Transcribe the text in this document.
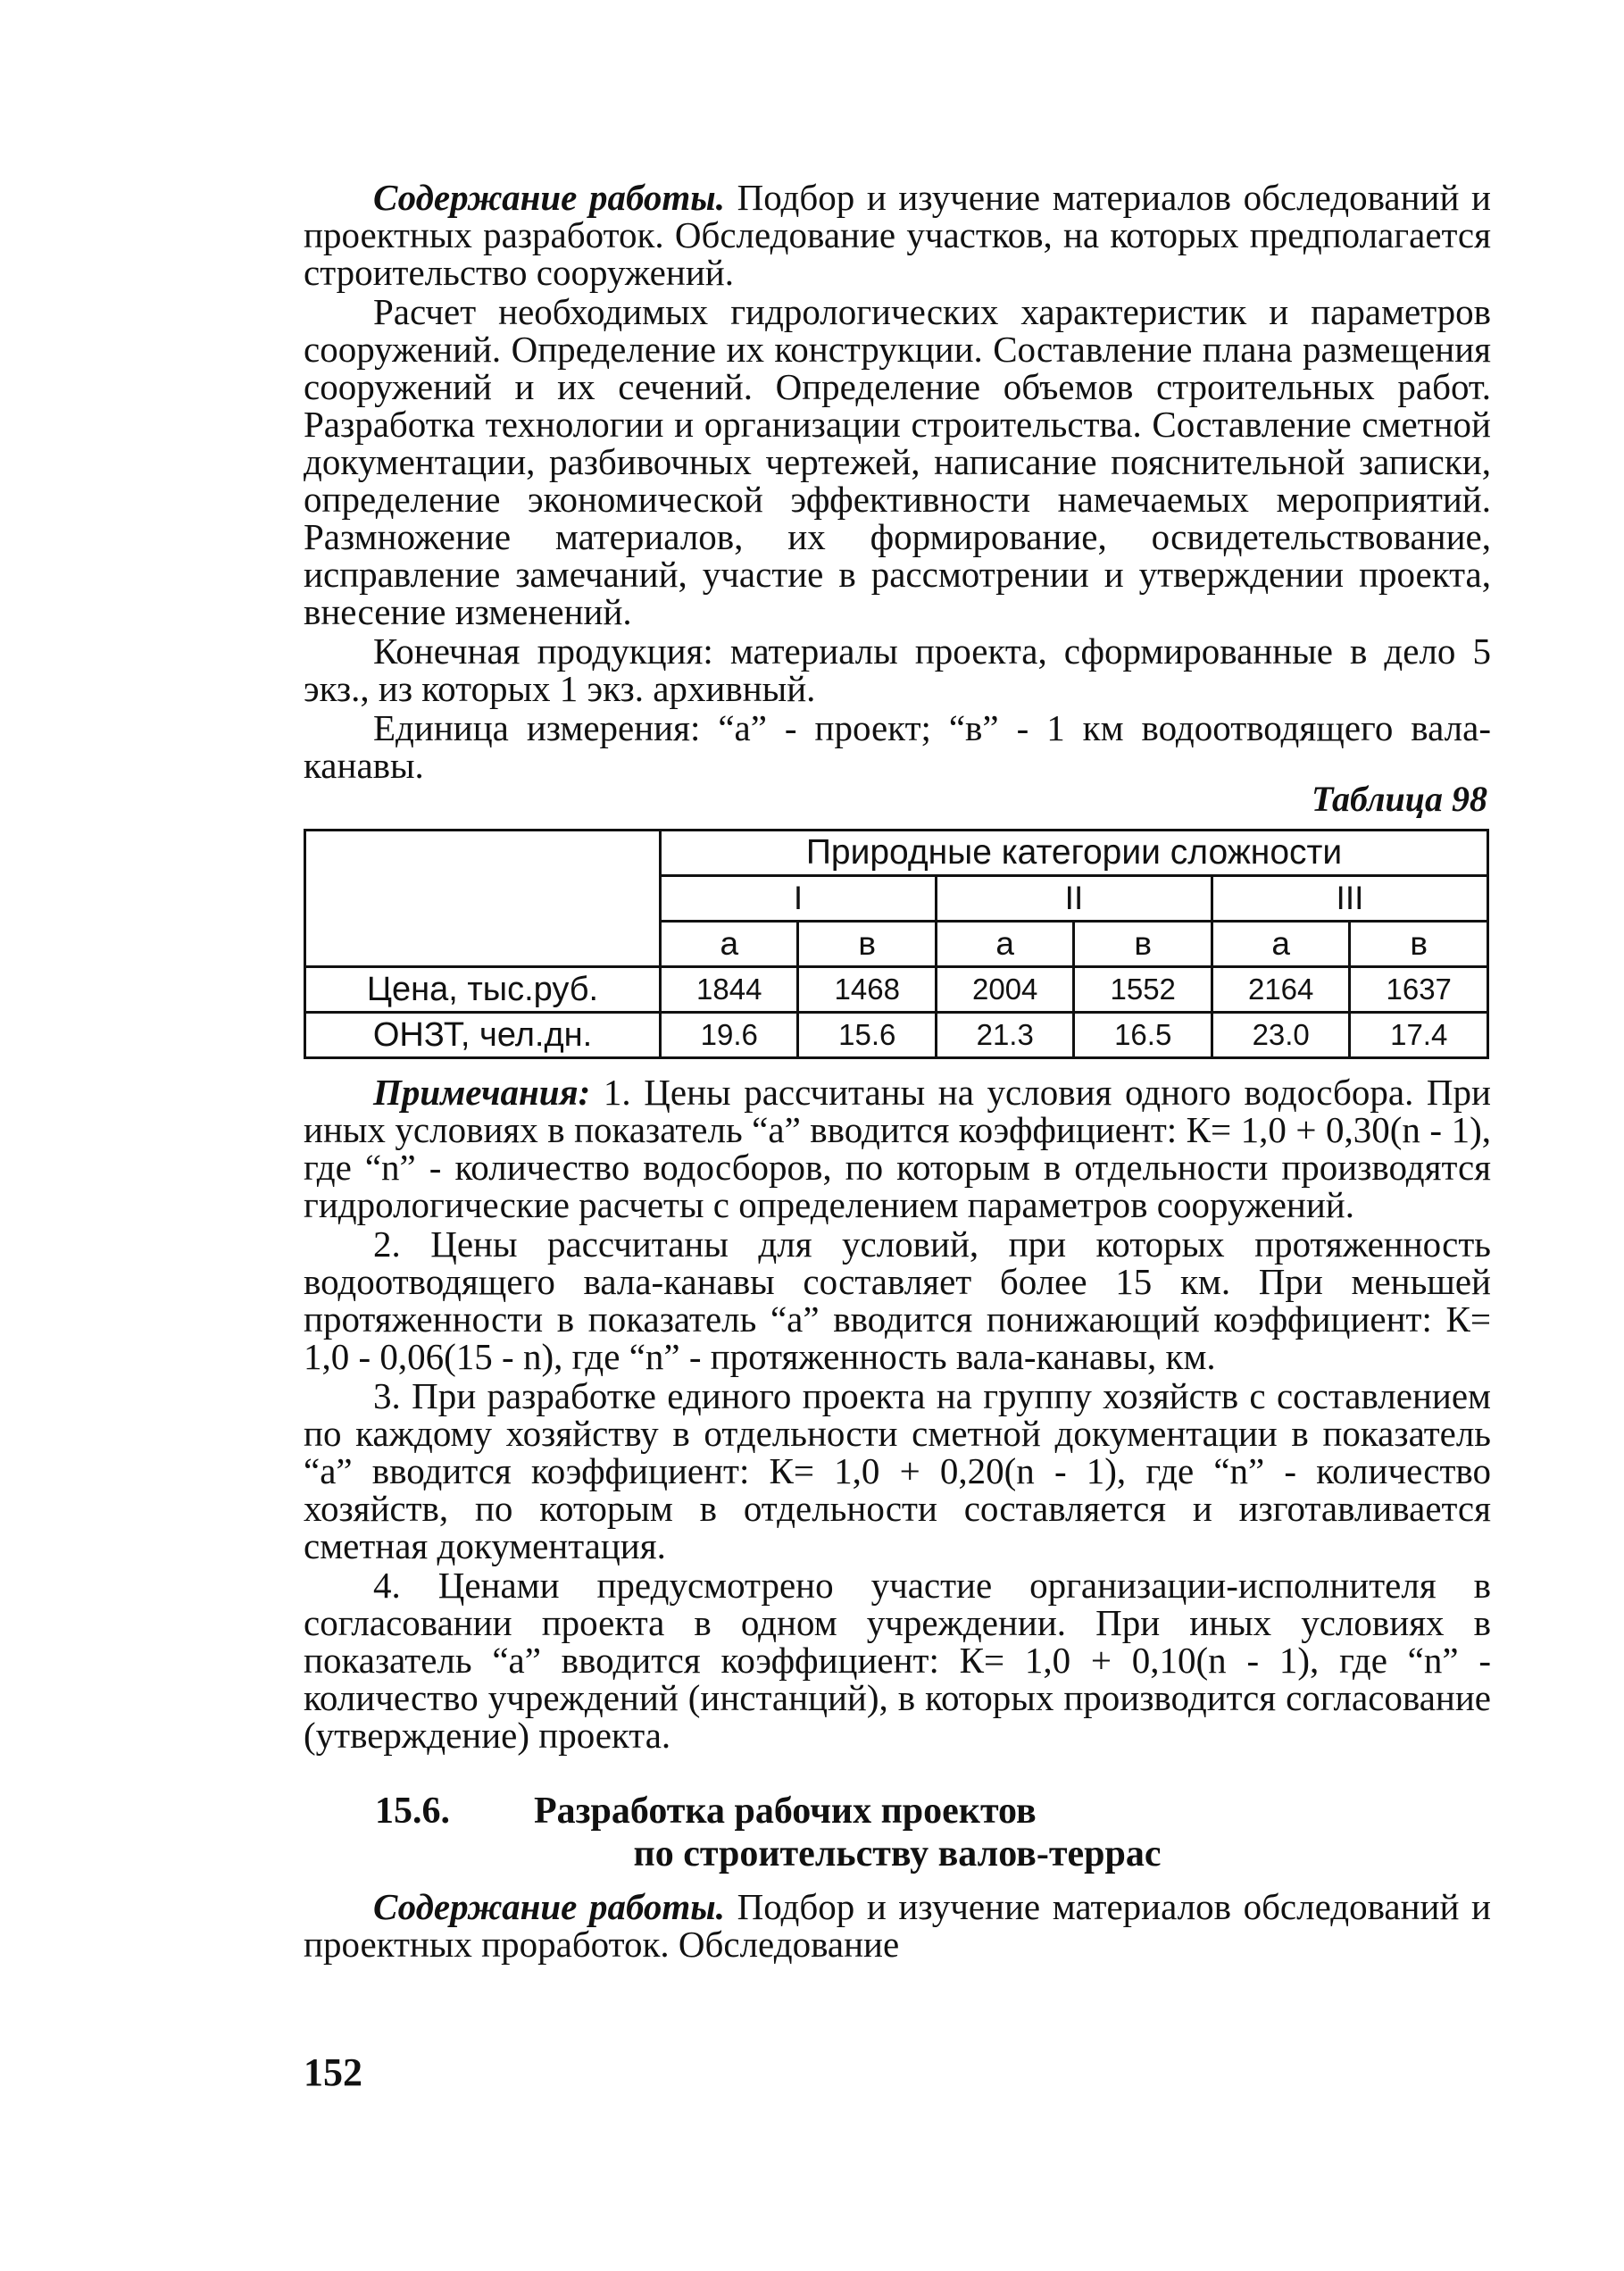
Содержание работы. Подбор и изучение материалов обследований и проектных разработок. Обследование участков, на которых предполагается строительство сооружений.

Расчет необходимых гидрологических характеристик и параметров сооружений. Определение их конструкции. Составление плана размещения сооружений и их сечений. Определение объемов строительных работ. Разработка технологии и организации строительства. Составление сметной документации, разбивочных чертежей, написание пояснительной записки, определение экономической эффективности намечаемых мероприятий. Размножение материалов, их формирование, освидетельствование, исправление замечаний, участие в рассмотрении и утверждении проекта, внесение изменений.

Конечная продукция: материалы проекта, сформированные в дело 5 экз., из которых 1 экз. архивный.

Единица измерения: “а” - проект; “в” - 1 км водоотводящего вала-канавы.

Таблица 98
	Природные категории сложности					
	I		II		III	
	а	в	а	в	а	в
Цена, тыс.руб.	1844	1468	2004	1552	2164	1637
ОНЗТ, чел.дн.	19.6	15.6	21.3	16.5	23.0	17.4

Примечания: 1. Цены рассчитаны на условия одного водосбора. При иных условиях в показатель “а” вводится коэффициент: К= 1,0 + 0,30(n - 1), где “n” - количество водосборов, по которым в отдельности производятся гидрологические расчеты с определением параметров сооружений.

2. Цены рассчитаны для условий, при которых протяженность водоотводящего вала-канавы составляет более 15 км. При меньшей протяженности в показатель “а” вводится понижающий коэффициент: К= 1,0 - 0,06(15 - n), где “n” - протяженность вала-канавы, км.

3. При разработке единого проекта на группу хозяйств с составлением по каждому хозяйству в отдельности сметной документации в показатель “а” вводится коэффициент: К= 1,0 + 0,20(n - 1), где “n” - количество хозяйств, по которым в отдельности составляется и изготавливается сметная документация.

4. Ценами предусмотрено участие организации-исполнителя в согласовании проекта в одном учреждении. При иных условиях в показатель “а” вводится коэффициент: К= 1,0 + 0,10(n - 1), где “n” - количество учреждений (инстанций), в которых производится согласование (утверждение) проекта.

15.6. Разработка рабочих проектов
по строительству валов-террас

Содержание работы. Подбор и изучение материалов обследований и проектных проработок. Обследование

152
